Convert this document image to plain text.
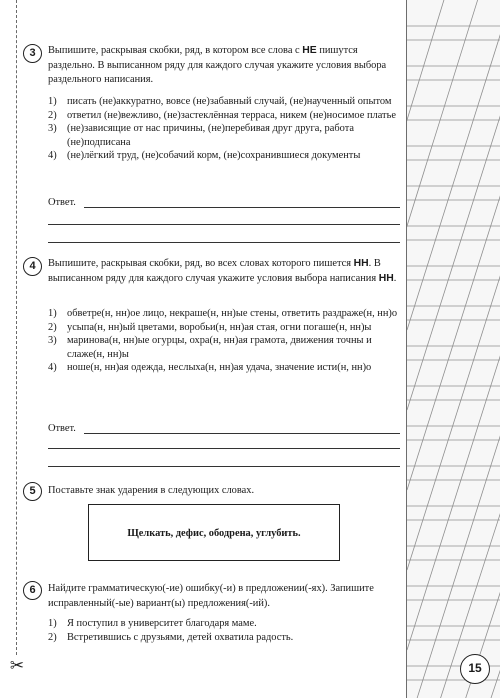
✂
3	Выпишите, раскрывая скобки, ряд, в котором все слова с НЕ пишутся раздельно. В выписанном ряду для каждого случая укажите условия выбора раздельного написания.
1) писать (не)аккуратно, вовсе (не)забавный случай, (не)наученный опытом
2) ответил (не)вежливо, (не)застеклённая терраса, никем (не)носимое платье
3) (не)зависящие от нас причины, (не)перебивая друг друга, работа (не)подписана
4) (не)лёгкий труд, (не)собачий корм, (не)сохранившиеся документы
Ответ.
4	Выпишите, раскрывая скобки, ряд, во всех словах которого пишется НН. В выписанном ряду для каждого случая укажите условия выбора написания НН.
1) обветре(н, нн)ое лицо, некраше(н, нн)ые стены, ответить раздраже(н, нн)о
2) усыпа(н, нн)ый цветами, воробьи(н, нн)ая стая, огни погаше(н, нн)ы
3) маринова(н, нн)ые огурцы, охра(н, нн)ая грамота, движения точны и слаже(н, нн)ы
4) ноше(н, нн)ая одежда, неслыха(н, нн)ая удача, значение исти(н, нн)о
Ответ.
5	Поставьте знак ударения в следующих словах.
Щелкать, дефис, ободрена, углубить.
6	Найдите грамматическую(-ие) ошибку(-и) в предложении(-ях). Запишите исправленный(-ые) вариант(ы) предложения(-ий).
1) Я поступил в университет благодаря маме.
2) Встретившись с друзьями, детей охватила радость.
15
